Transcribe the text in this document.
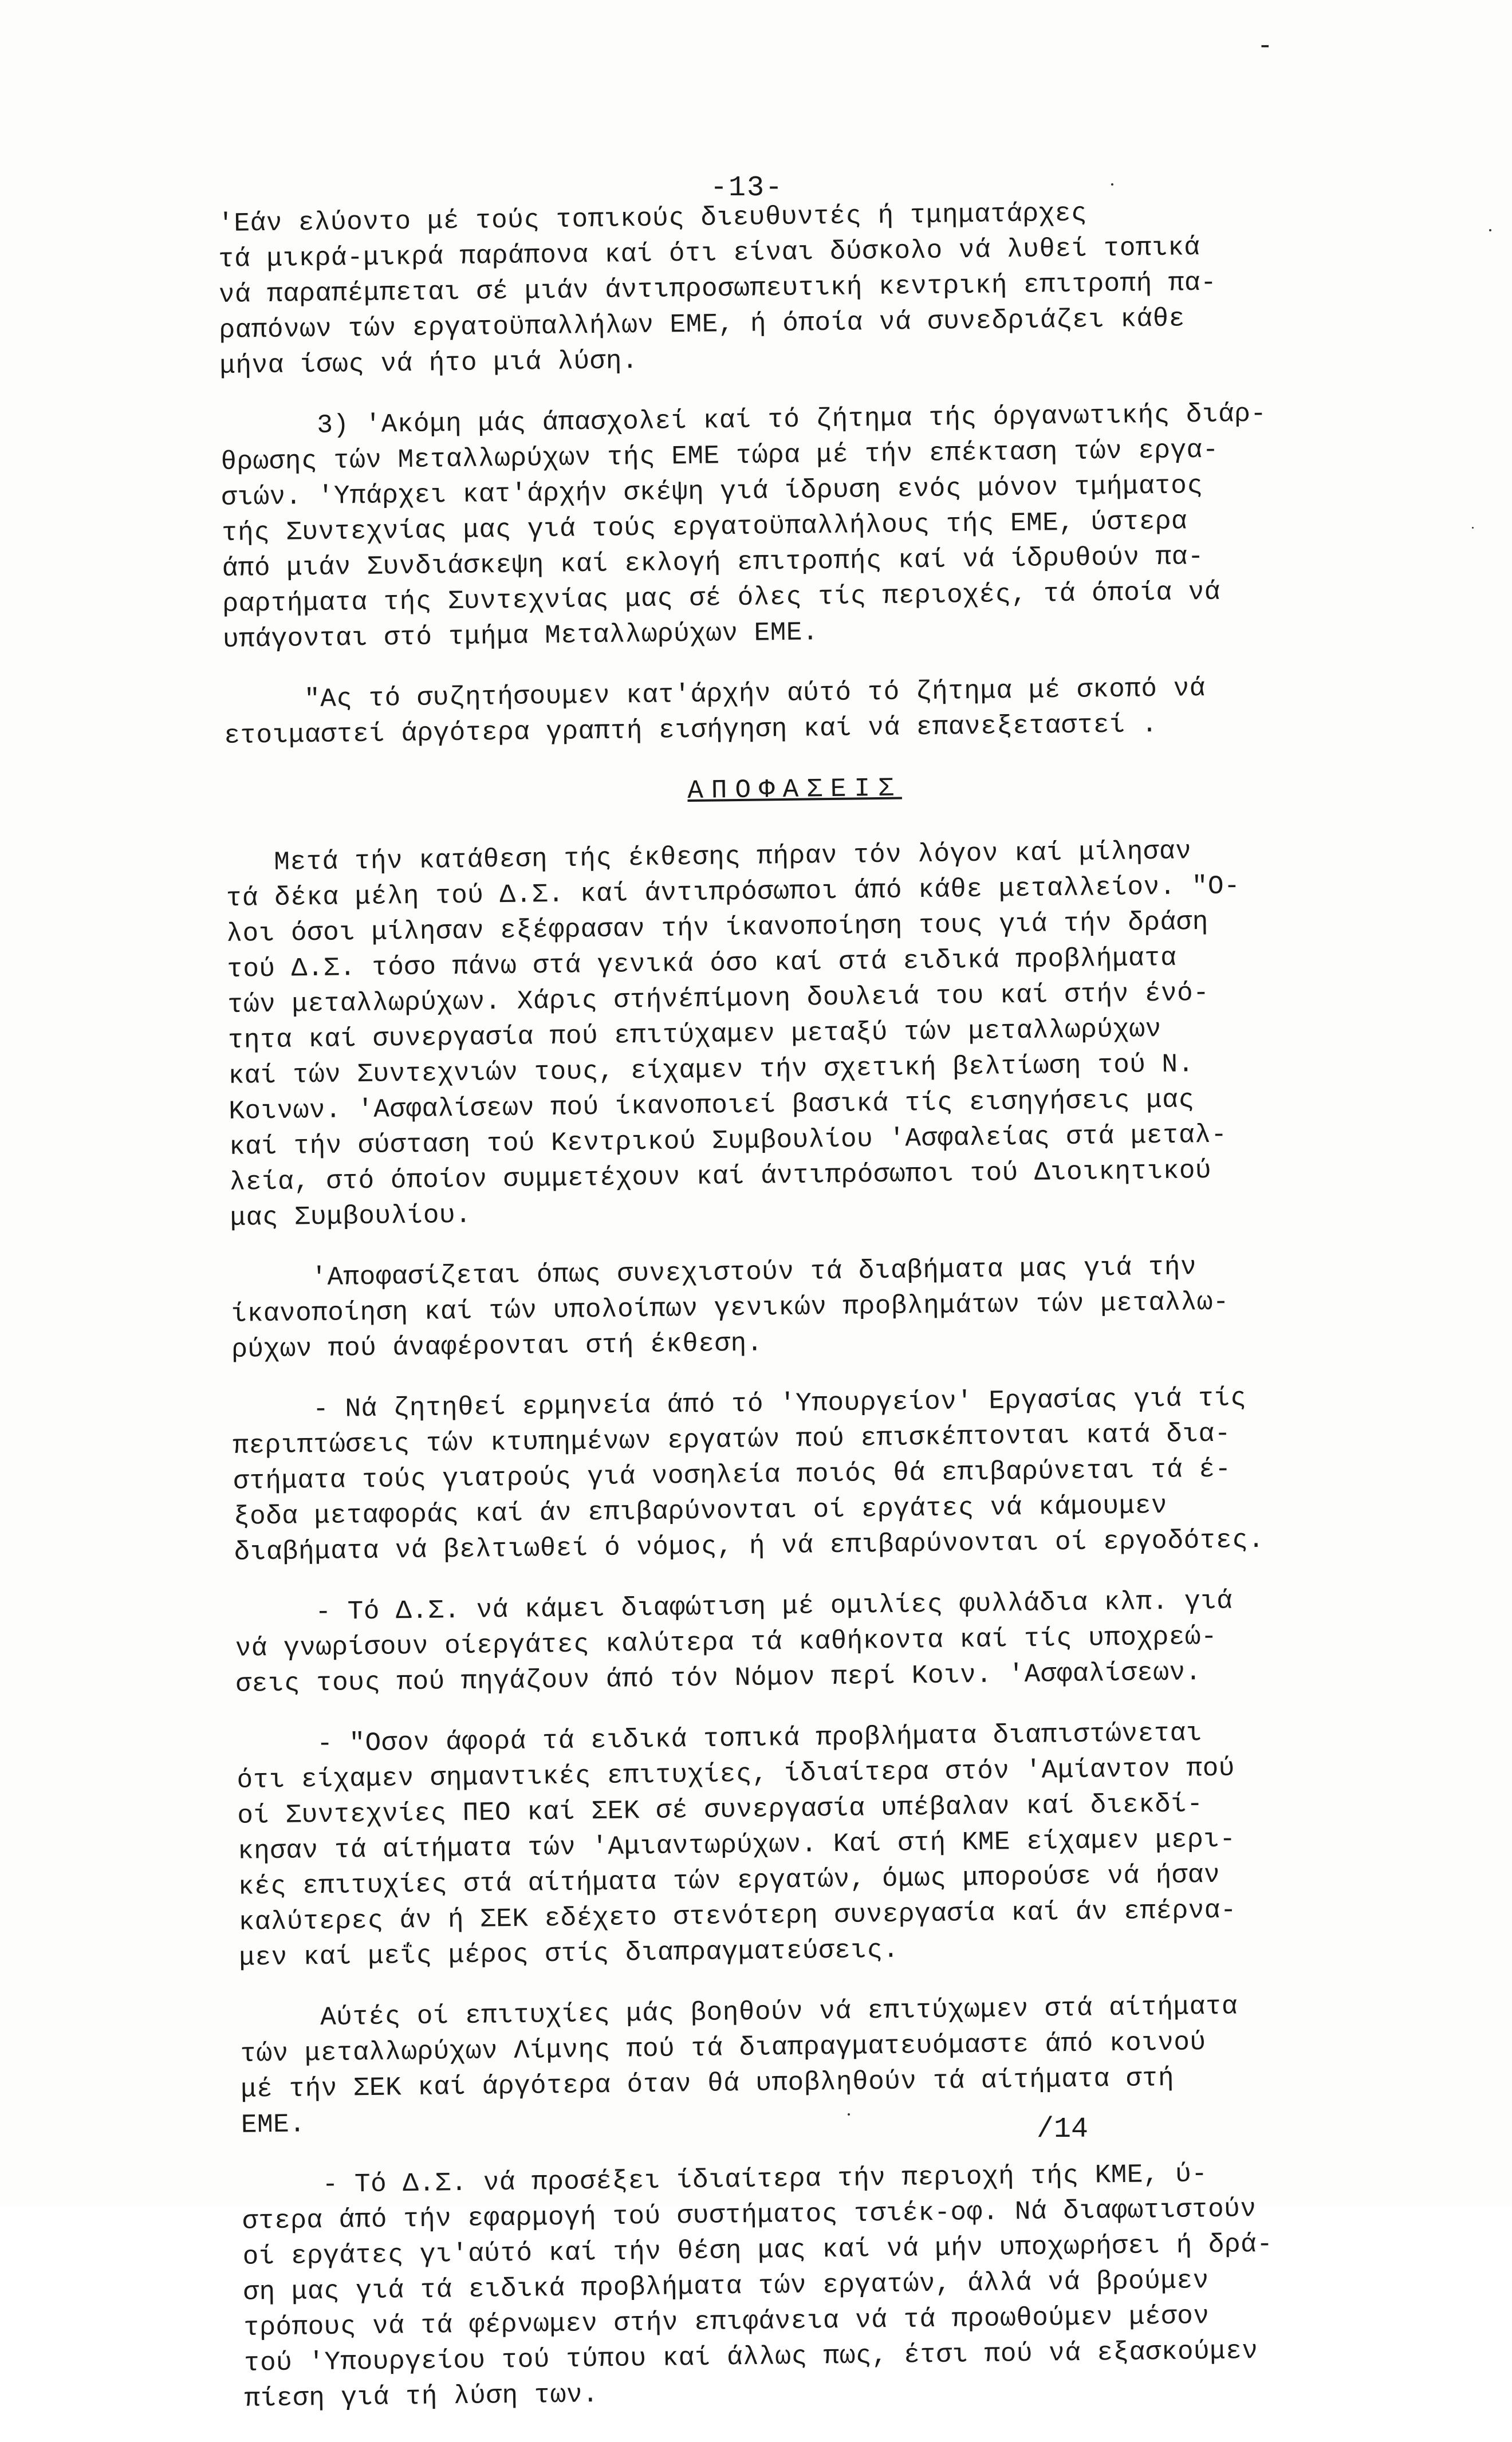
-
-13-

'Εάν ελύοντο μέ τούς τοπικούς διευθυντές ή τμηματάρχες
τά μικρά-μικρά παράπονα καί ότι είναι δύσκολο νά λυθεί τοπικά
νά παραπέμπεται σέ μιάν άντιπροσωπευτική κεντρική επιτροπή πα-
ραπόνων τών εργατοϋπαλλήλων ΕΜΕ, ή όποία νά συνεδριάζει κάθε
μήνα ίσως νά ήτο μιά λύση.

3) 'Ακόμη μάς άπασχολεί καί τό ζήτημα τής όργανωτικής διάρ-
θρωσης τών Μεταλλωρύχων τής ΕΜΕ τώρα μέ τήν επέκταση τών εργα-
σιών. 'Υπάρχει κατ'άρχήν σκέψη γιά ίδρυση ενός μόνον τμήματος
τής Συντεχνίας μας γιά τούς εργατοϋπαλλήλους τής ΕΜΕ, ύστερα
άπό μιάν Συνδιάσκεψη καί εκλογή επιτροπής καί νά ίδρυθούν πα-
ραρτήματα τής Συντεχνίας μας σέ όλες τίς περιοχές, τά όποία νά
υπάγονται στό τμήμα Μεταλλωρύχων ΕΜΕ.

"Ας τό συζητήσουμεν κατ'άρχήν αύτό τό ζήτημα μέ σκοπό νά
ετοιμαστεί άργότερα γραπτή εισήγηση καί νά επανεξεταστεί .

ΑΠΟΦΑΣΕΙΣ

Μετά τήν κατάθεση τής έκθεσης πήραν τόν λόγον καί μίλησαν
τά δέκα μέλη τού Δ.Σ. καί άντιπρόσωποι άπό κάθε μεταλλείον. "Ο-
λοι όσοι μίλησαν εξέφρασαν τήν ίκανοποίηση τους γιά τήν δράση
τού Δ.Σ. τόσο πάνω στά γενικά όσο καί στά ειδικά προβλήματα
τών μεταλλωρύχων. Χάρις στήνέπίμονη δουλειά του καί στήν ένό-
τητα καί συνεργασία πού επιτύχαμεν μεταξύ τών μεταλλωρύχων
καί τών Συντεχνιών τους, είχαμεν τήν σχετική βελτίωση τού Ν.
Κοινων. 'Ασφαλίσεων πού ίκανοποιεί βασικά τίς εισηγήσεις μας
καί τήν σύσταση τού Κεντρικού Συμβουλίου 'Ασφαλείας στά μεταλ-
λεία, στό όποίον συμμετέχουν καί άντιπρόσωποι τού Διοικητικού
μας Συμβουλίου.

'Αποφασίζεται όπως συνεχιστούν τά διαβήματα μας γιά τήν
ίκανοποίηση καί τών υπολοίπων γενικών προβλημάτων τών μεταλλω-
ρύχων πού άναφέρονται στή έκθεση.

- Νά ζητηθεί ερμηνεία άπό τό 'Υπουργείον' Εργασίας γιά τίς
περιπτώσεις τών κτυπημένων εργατών πού επισκέπτονται κατά δια-
στήματα τούς γιατρούς γιά νοσηλεία ποιός θά επιβαρύνεται τά έ-
ξοδα μεταφοράς καί άν επιβαρύνονται οί εργάτες νά κάμουμεν
διαβήματα νά βελτιωθεί ό νόμος, ή νά επιβαρύνονται οί εργοδότες.

- Τό Δ.Σ. νά κάμει διαφώτιση μέ ομιλίες φυλλάδια κλπ. γιά
νά γνωρίσουν οίεργάτες καλύτερα τά καθήκοντα καί τίς υποχρεώ-
σεις τους πού πηγάζουν άπό τόν Νόμον περί Κοιν. 'Ασφαλίσεων.

- "Οσον άφορά τά ειδικά τοπικά προβλήματα διαπιστώνεται
ότι είχαμεν σημαντικές επιτυχίες, ίδιαίτερα στόν 'Αμίαντον πού
οί Συντεχνίες ΠΕΟ καί ΣΕΚ σέ συνεργασία υπέβαλαν καί διεκδί-
κησαν τά αίτήματα τών 'Αμιαντωρύχων. Καί στή ΚΜΕ είχαμεν μερι-
κές επιτυχίες στά αίτήματα τών εργατών, όμως μπορούσε νά ήσαν
καλύτερες άν ή ΣΕΚ εδέχετο στενότερη συνεργασία καί άν επέρνα-
μεν καί μεΐς μέρος στίς διαπραγματεύσεις.

Αύτές οί επιτυχίες μάς βοηθούν νά επιτύχωμεν στά αίτήματα
τών μεταλλωρύχων Λίμνης πού τά διαπραγματευόμαστε άπό κοινού
μέ τήν ΣΕΚ καί άργότερα όταν θά υποβληθούν τά αίτήματα στή
ΕΜΕ.

- Τό Δ.Σ. νά προσέξει ίδιαίτερα τήν περιοχή τής ΚΜΕ, ύ-
στερα άπό τήν εφαρμογή τού συστήματος τσιέκ-οφ. Νά διαφωτιστούν
οί εργάτες γι'αύτό καί τήν θέση μας καί νά μήν υποχωρήσει ή δρά-
ση μας γιά τά ειδικά προβλήματα τών εργατών, άλλά νά βρούμεν
τρόπους νά τά φέρνωμεν στήν επιφάνεια νά τά προωθούμεν μέσον
τού 'Υπουργείου τού τύπου καί άλλως πως, έτσι πού νά εξασκούμεν
πίεση γιά τή λύση των.

/14
